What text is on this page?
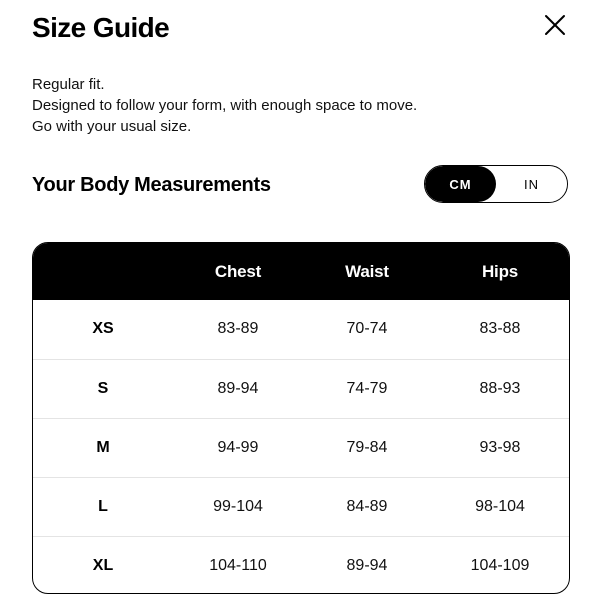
Size Guide
Regular fit.
Designed to follow your form, with enough space to move.
Go with your usual size.
Your Body Measurements	CM	IN
	Chest	Waist	Hips
XS	83-89	70-74	83-88
S	89-94	74-79	88-93
M	94-99	79-84	93-98
L	99-104	84-89	98-104
XL	104-110	89-94	104-109
